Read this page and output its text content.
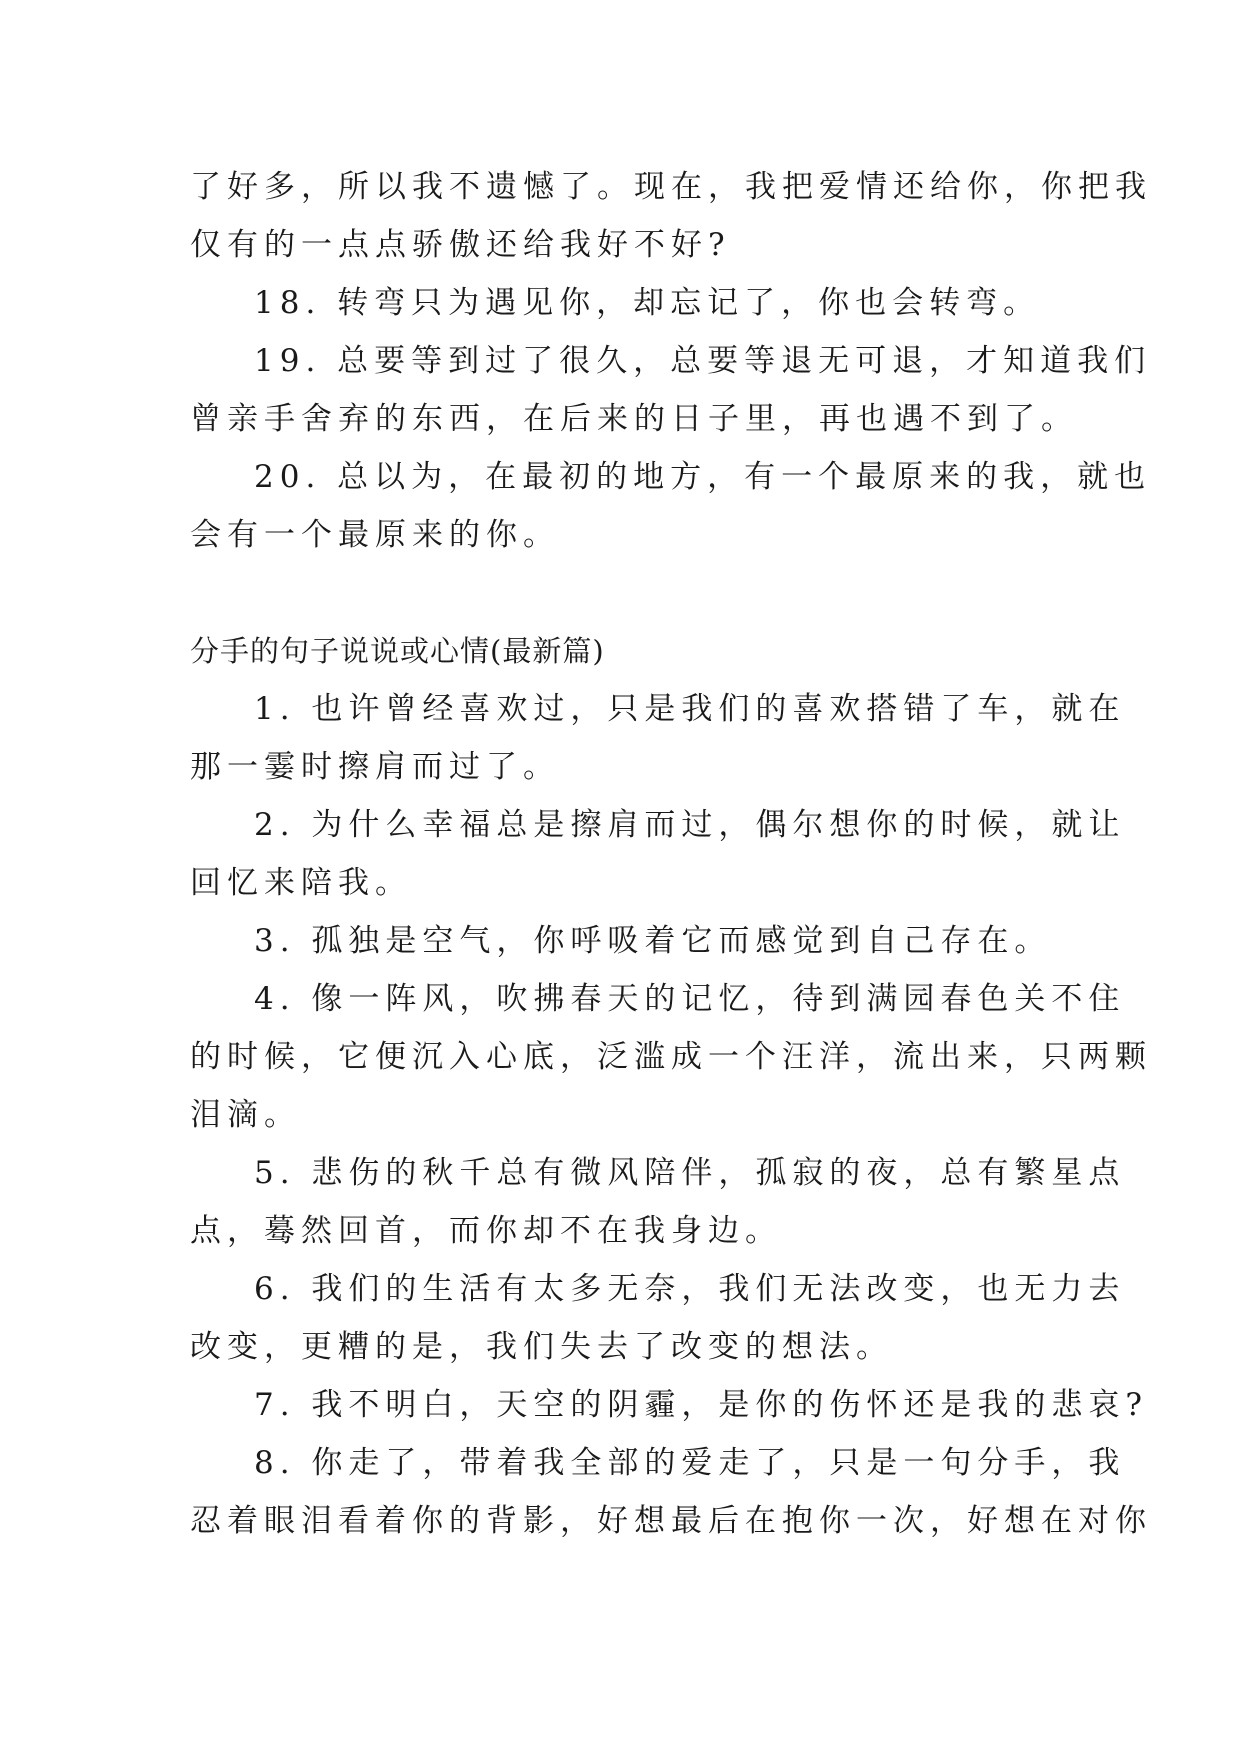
了好多，所以我不遗憾了。现在，我把爱情还给你，你把我

仅有的一点点骄傲还给我好不好?

18. 转弯只为遇见你，却忘记了，你也会转弯。

19. 总要等到过了很久，总要等退无可退，才知道我们

曾亲手舍弃的东西，在后来的日子里，再也遇不到了。

20. 总以为，在最初的地方，有一个最原来的我，就也

会有一个最原来的你。

分手的句子说说或心情(最新篇)

1. 也许曾经喜欢过，只是我们的喜欢搭错了车，就在

那一霎时擦肩而过了。

2. 为什么幸福总是擦肩而过，偶尔想你的时候，就让

回忆来陪我。

3. 孤独是空气，你呼吸着它而感觉到自己存在。

4. 像一阵风，吹拂春天的记忆，待到满园春色关不住

的时候，它便沉入心底，泛滥成一个汪洋，流出来，只两颗

泪滴。

5. 悲伤的秋千总有微风陪伴，孤寂的夜，总有繁星点

点，蓦然回首，而你却不在我身边。

6. 我们的生活有太多无奈，我们无法改变，也无力去

改变，更糟的是，我们失去了改变的想法。

7. 我不明白，天空的阴霾，是你的伤怀还是我的悲哀?

8. 你走了，带着我全部的爱走了，只是一句分手，我

忍着眼泪看着你的背影，好想最后在抱你一次，好想在对你
